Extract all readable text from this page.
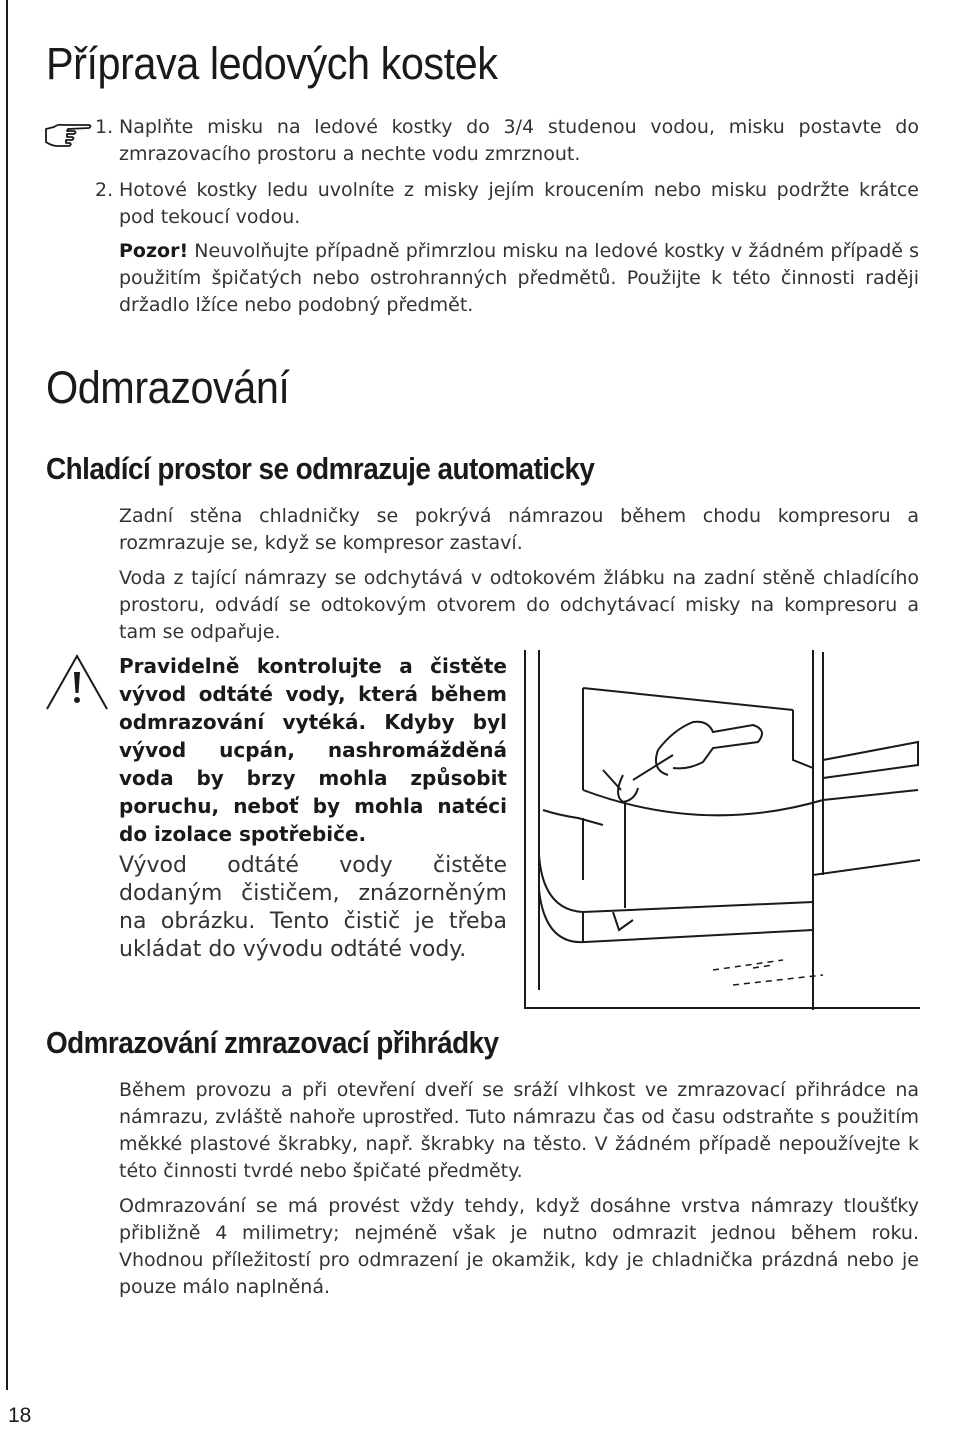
Příprava ledových kostek
1. Naplňte misku na ledové kostky do 3/4 studenou vodou, misku postavte do zmrazovacího prostoru a nechte vodu zmrznout.
2. Hotové kostky ledu uvolníte z misky jejím kroucením nebo misku podržte krátce pod tekoucí vodou.

Pozor! Neuvolňujte případně přimrzlou misku na ledové kostky v žádném případě s použitím špičatých nebo ostrohranných předmětů. Použijte k této činnosti raději držadlo lžíce nebo podobný předmět.

Odmrazování
Chladící prostor se odmrazuje automaticky

Zadní stěna chladničky se pokrývá námrazou během chodu kompresoru a rozmrazuje se, když se kompresor zastaví.

Voda z tající námrazy se odchytává v odtokovém žlábku na zadní stěně chladícího prostoru, odvádí se odtokovým otvorem do odchytávací misky na kompresoru a tam se odpařuje.

Pravidelně kontrolujte a čistěte vývod odtáté vody, která během odmrazování vytéká. Kdyby byl vývod ucpán, nashromážděná voda by brzy mohla způsobit poruchu, neboť by mohla natéci do izolace spotřebiče.

Vývod odtáté vody čistěte dodaným čističem, znázorněným na obrázku. Tento čistič je třeba ukládat do vývodu odtáté vody.

Odmrazování zmrazovací přihrádky

Během provozu a při otevření dveří se sráží vlhkost ve zmrazovací přihrádce na námrazu, zvláště nahoře uprostřed. Tuto námrazu čas od času odstraňte s použitím měkké plastové škrabky, např. škrabky na těsto. V žádném případě nepoužívejte k této činnosti tvrdé nebo špičaté předměty.

Odmrazování se má provést vždy tehdy, když dosáhne vrstva námrazy tloušťky přibližně 4 milimetry; nejméně však je nutno odmrazit jednou během roku. Vhodnou příležitostí pro odmrazení je okamžik, kdy je chladnička prázdná nebo je pouze málo naplněná.

18
